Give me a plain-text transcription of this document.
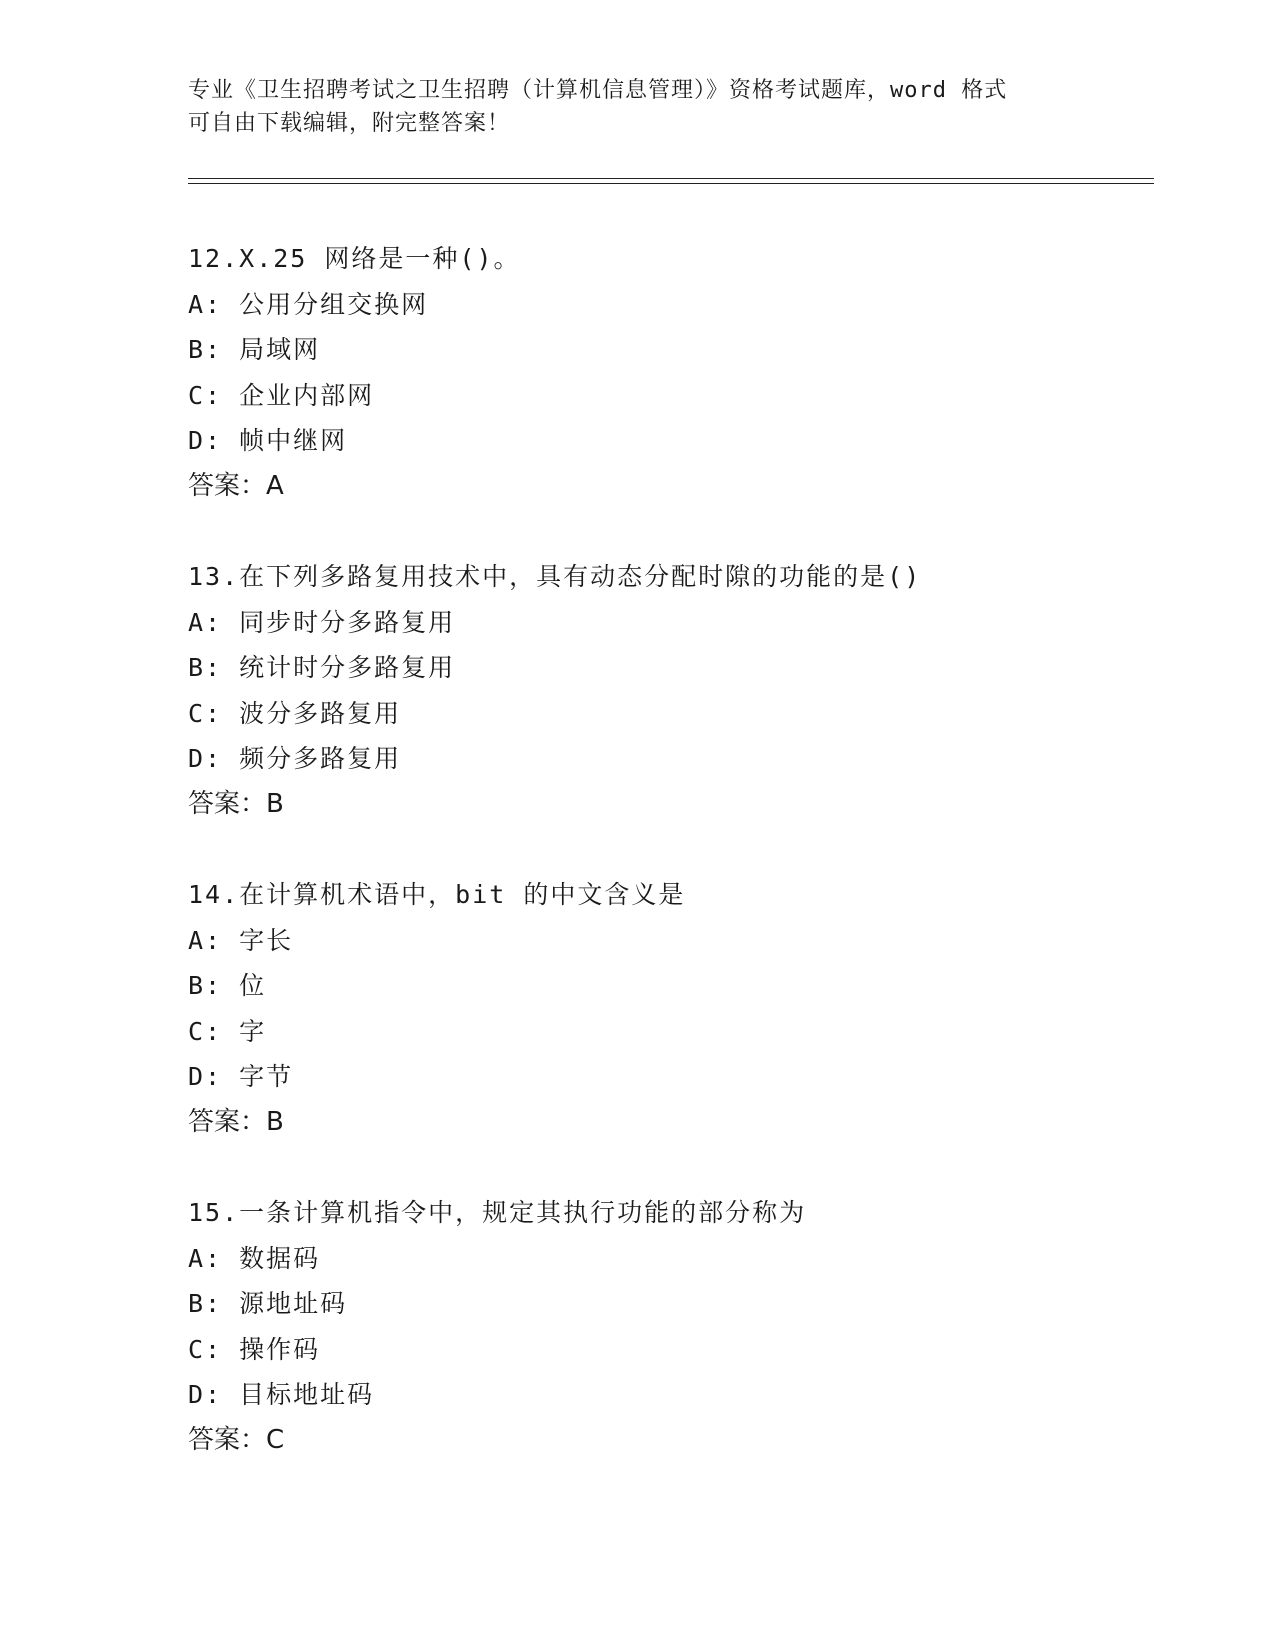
专业《卫生招聘考试之卫生招聘（计算机信息管理）》资格考试题库，word 格式
可自由下载编辑，附完整答案！
12.X.25 网络是一种()。
A: 公用分组交换网
B: 局域网
C: 企业内部网
D: 帧中继网
答案：A
13.在下列多路复用技术中，具有动态分配时隙的功能的是()
A: 同步时分多路复用
B: 统计时分多路复用
C: 波分多路复用
D: 频分多路复用
答案：B
14.在计算机术语中，bit 的中文含义是
A: 字长
B: 位
C: 字
D: 字节
答案：B
15.一条计算机指令中，规定其执行功能的部分称为
A: 数据码
B: 源地址码
C: 操作码
D: 目标地址码
答案：C
